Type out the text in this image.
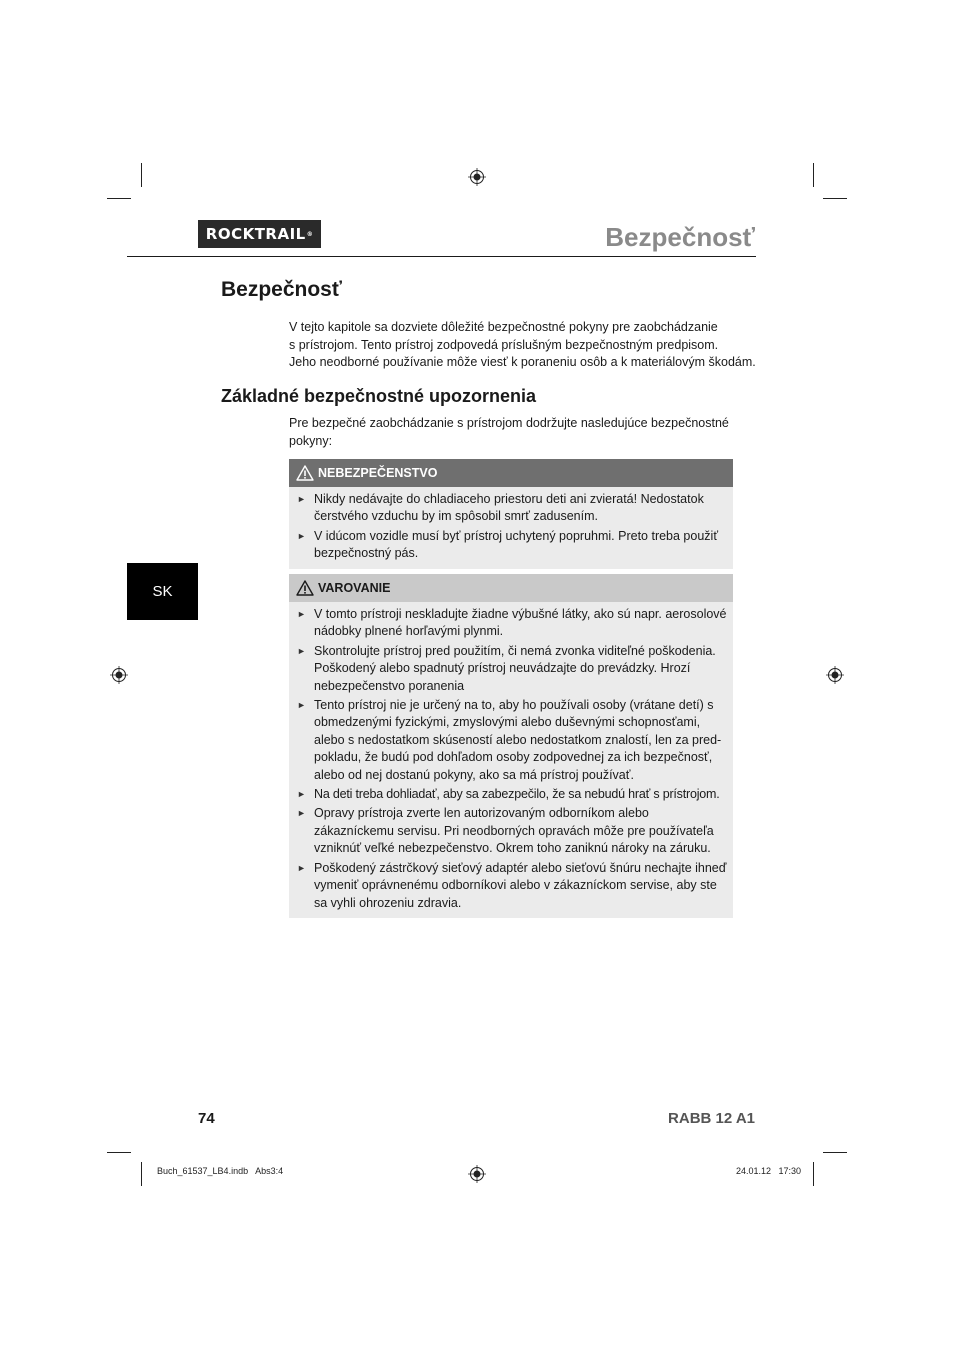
ROCKTRAIL ®	Bezpečnosť
SK
Bezpečnosť
V tejto kapitole sa dozviete dôležité bezpečnostné pokyny pre zaobchádzanie
s prístrojom. Tento prístroj zodpovedá príslušným bezpečnostným predpisom.
Jeho neodborné používanie môže viesť k poraneniu osôb a k materiálovým škodám.
Základné bezpečnostné upozornenia
Pre bezpečné zaobchádzanie s prístrojom dodržujte nasledujúce bezpečnostné
pokyny:
NEBEZPEČENSTVO
► Nikdy nedávajte do chladiaceho priestoru deti ani zvieratá! Nedostatok čerstvého vzduchu by im spôsobil smrť zadusením.
► V idúcom vozidle musí byť prístroj uchytený popruhmi. Preto treba použiť bezpečnostný pás.
VAROVANIE
► V tomto prístroji neskladujte žiadne výbušné látky, ako sú napr. aerosolové nádobky plnené horľavými plynmi.
► Skontrolujte prístroj pred použitím, či nemá zvonka viditeľné poškodenia. Poškodený alebo spadnutý prístroj neuvádzajte do prevádzky. Hrozí nebezpečenstvo poranenia
► Tento prístroj nie je určený na to, aby ho používali osoby (vrátane detí) s obmedzenými fyzickými, zmyslovými alebo duševnými schopnosťami, alebo s nedostatkom skúseností alebo nedostatkom znalostí, len za pred-pokladu, že budú pod dohľadom osoby zodpovednej za ich bezpečnosť, alebo od nej dostanú pokyny, ako sa má prístroj používať.
► Na deti treba dohliadať, aby sa zabezpečilo, že sa nebudú hrať s prístrojom.
► Opravy prístroja zverte len autorizovaným odborníkom alebo zákazníckemu servisu. Pri neodborných opravách môže pre používateľa vzniknúť veľké nebezpečenstvo. Okrem toho zaniknú nároky na záruku.
► Poškodený zástrčkový sieťový adaptér alebo sieťovú šnúru nechajte ihneď vymeniť oprávnenému odborníkovi alebo v zákazníckom servise, aby ste sa vyhli ohrozeniu zdravia.
74	RABB 12 A1
Buch_61537_LB4.indb   Abs3:4	24.01.12   17:30
